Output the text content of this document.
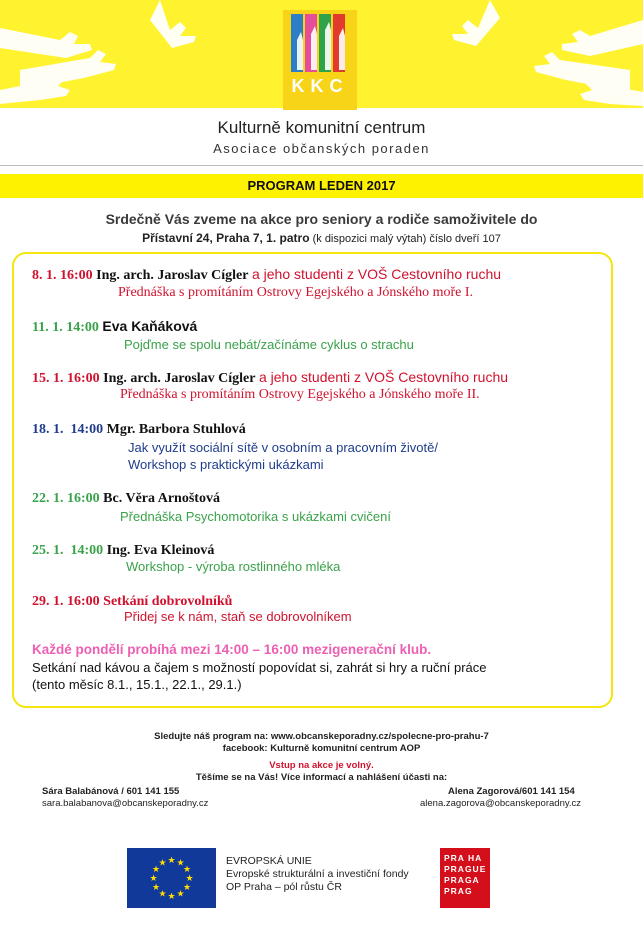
KKC
Kulturně komunitní centrum
Asociace občanských poraden
PROGRAM LEDEN 2017
Srdečně Vás zveme na akce pro seniory a rodiče samoživitele do
Přístavní 24, Praha 7, 1. patro (k dispozici malý výtah) číslo dveří 107
8. 1. 16:00 Ing. arch. Jaroslav Cígler a jeho studenti z VOŠ Cestovního ruchu
Přednáška s promítáním Ostrovy Egejského a Jónského moře I.
11. 1. 14:00 Eva Kaňáková
Pojďme se spolu nebát/začínáme cyklus o strachu
15. 1. 16:00 Ing. arch. Jaroslav Cígler a jeho studenti z VOŠ Cestovního ruchu
Přednáška s promítáním Ostrovy Egejského a Jónského moře II.
18. 1.  14:00 Mgr. Barbora Stuhlová
Jak využít sociální sítě v osobním a pracovním životě/
Workshop s praktickými ukázkami
22. 1. 16:00 Bc. Věra Arnoštová
Přednáška Psychomotorika s ukázkami cvičení
25. 1.  14:00 Ing. Eva Kleinová
Workshop - výroba rostlinného mléka
29. 1. 16:00 Setkání dobrovolníků
Přidej se k nám, staň se dobrovolníkem
Každé pondělí probíhá mezi 14:00 – 16:00 mezigenerační klub.
Setkání nad kávou a čajem s možností popovídat si, zahrát si hry a ruční práce
(tento měsíc 8.1., 15.1., 22.1., 29.1.)
Sledujte náš program na: www.obcanskeporadny.cz/spolecne-pro-prahu-7
facebook: Kulturně komunitní centrum AOP
Vstup na akce je volný.
Těšíme se na Vás! Více informací a nahlášení účasti na:
Sára Balabánová / 601 141 155
sara.balabanova@obcanskeporadny.cz
Alena Zagorová/601 141 154
alena.zagorova@obcanskeporadny.cz
★ ★
★
★
★
★
★
★
★
★
★
★	EVROPSKÁ UNIE
Evropské strukturální a investiční fondy
OP Praha – pól růstu ČR
PRA HA
PRAGUE
PRAGA
PRAG
